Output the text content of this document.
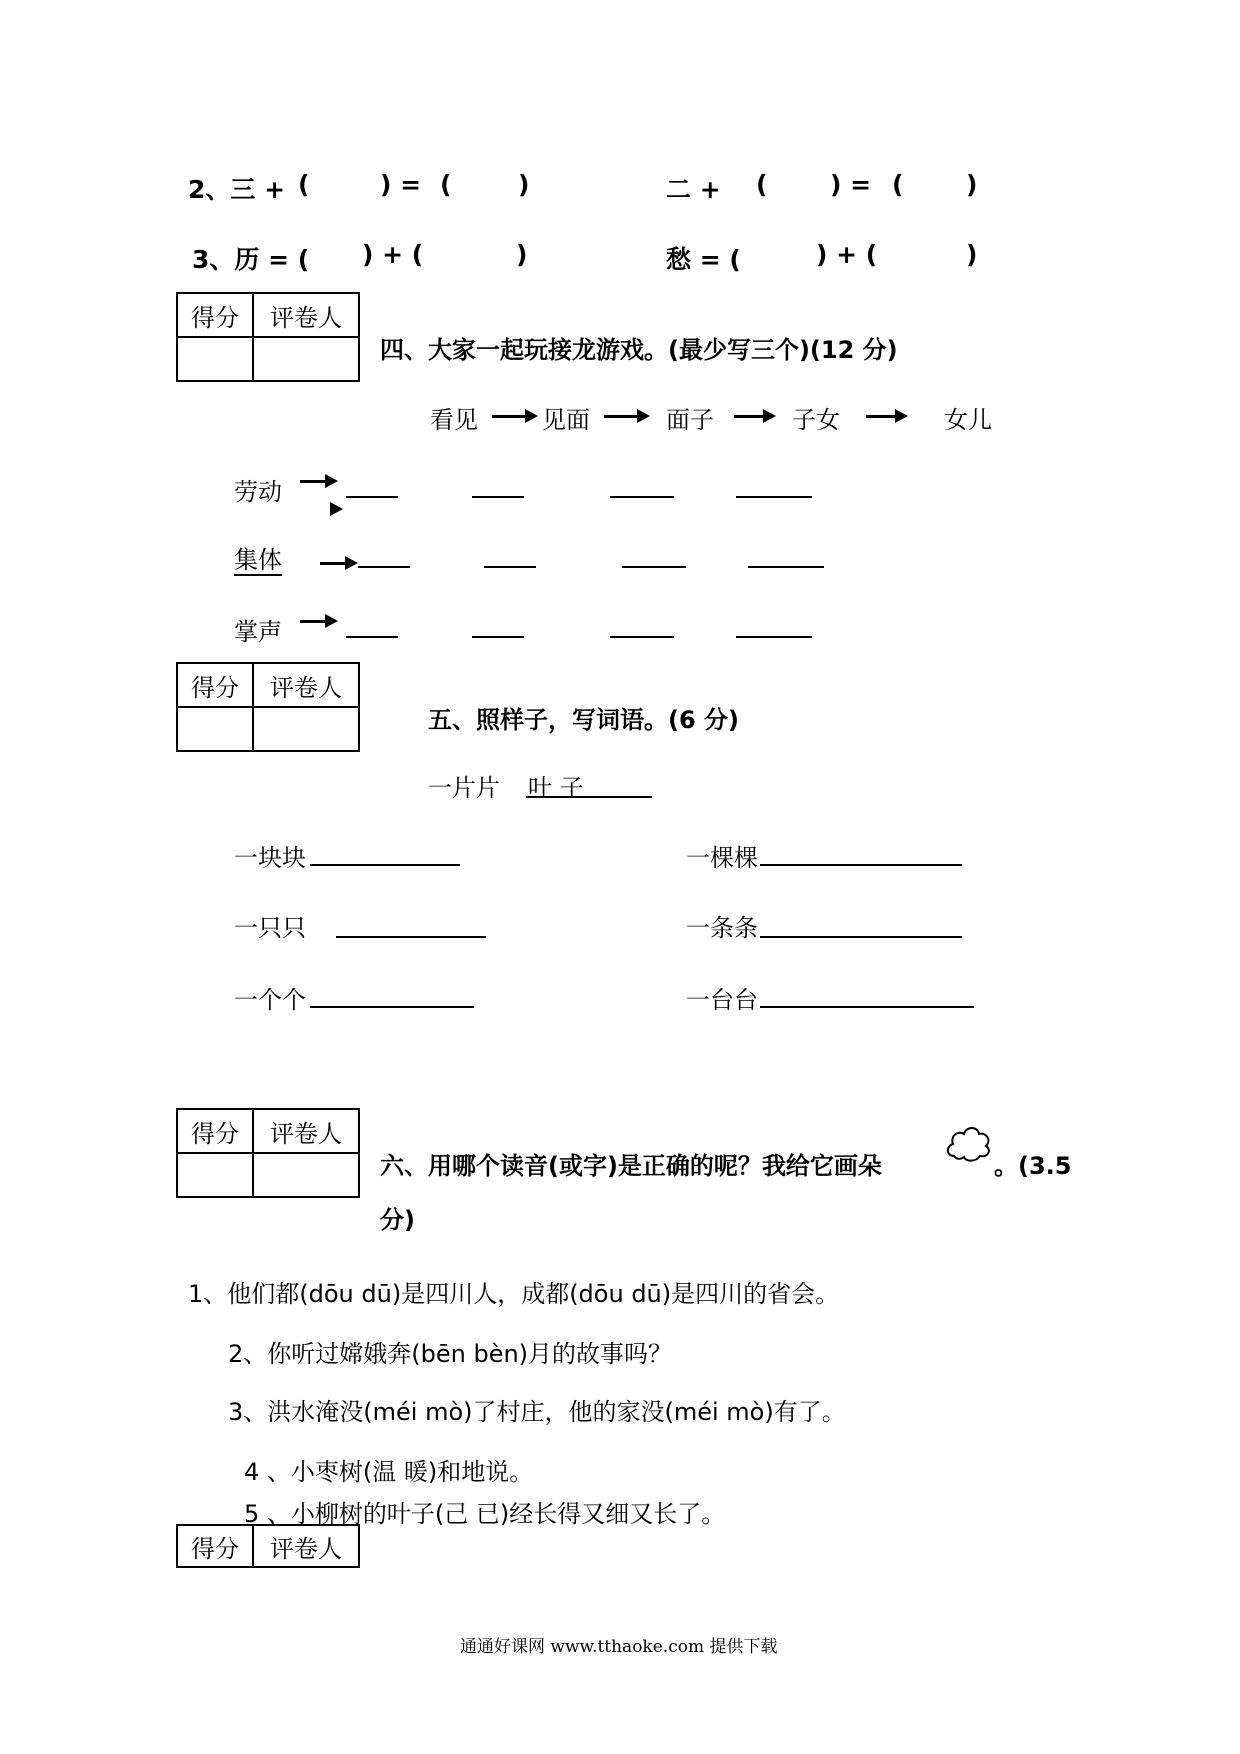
2、三 + (	) = (	)	二 + (	) = (	)
3、历 = ( ) + (	)	愁 = (	) + (	)
得分	评卷人

四、大家一起玩接龙游戏。(最少写三个)(12 分)
看见	见面	面子	子女	女儿
劳动
集体
掌声
得分	评卷人

五、照样子，写词语。(6 分)
一片片 叶 子
一块块	一棵棵
一只只	一条条
一个个	一台台
得分	评卷人

六、用哪个读音(或字)是正确的呢？我给它画朵	。(3.5
分)
1、他们都(dōu dū)是四川人，成都(dōu dū)是四川的省会。
2、你听过嫦娥奔(bēn bèn)月的故事吗？
3、洪水淹没(méi mò)了村庄，他的家没(méi mò)有了。
4 、小枣树(温 暖)和地说。
5 、小柳树的叶子(己 已)经长得又细又长了。
得分	评卷人
通通好课网 www.tthaoke.com 提供下载
